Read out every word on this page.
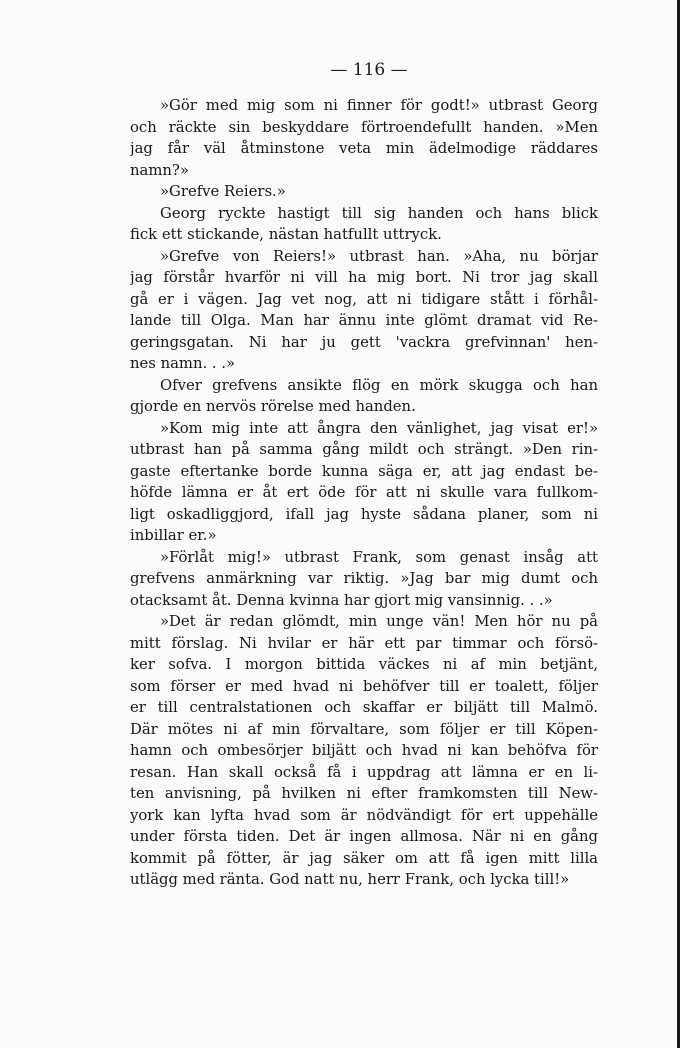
— 116 —
»Gör med mig som ni finner för godt!» utbrast Georg
och räckte sin beskyddare förtroendefullt handen. »Men
jag får väl åtminstone veta min ädelmodige räddares
namn?»
»Grefve Reiers.»
Georg ryckte hastigt till sig handen och hans blick
fick ett stickande, nästan hatfullt uttryck.
»Grefve von Reiers!» utbrast han. »Aha, nu börjar
jag förstår hvarför ni vill ha mig bort. Ni tror jag skall
gå er i vägen. Jag vet nog, att ni tidigare stått i förhål-
lande till Olga. Man har ännu inte glömt dramat vid Re-
geringsgatan. Ni har ju gett 'vackra grefvinnan' hen-
nes namn. . .»
Ofver grefvens ansikte flög en mörk skugga och han
gjorde en nervös rörelse med handen.
»Kom mig inte att ångra den vänlighet, jag visat er!»
utbrast han på samma gång mildt och strängt. »Den rin-
gaste eftertanke borde kunna säga er, att jag endast be-
höfde lämna er åt ert öde för att ni skulle vara fullkom-
ligt oskadliggjord, ifall jag hyste sådana planer, som ni
inbillar er.»
»Förlåt mig!» utbrast Frank, som genast insåg att
grefvens anmärkning var riktig. »Jag bar mig dumt och
otacksamt åt. Denna kvinna har gjort mig vansinnig. . .»
»Det är redan glömdt, min unge vän! Men hör nu på
mitt förslag. Ni hvilar er här ett par timmar och försö-
ker sofva. I morgon bittida väckes ni af min betjänt,
som förser er med hvad ni behöfver till er toalett, följer
er till centralstationen och skaffar er biljätt till Malmö.
Där mötes ni af min förvaltare, som följer er till Köpen-
hamn och ombesörjer biljätt och hvad ni kan behöfva för
resan. Han skall också få i uppdrag att lämna er en li-
ten anvisning, på hvilken ni efter framkomsten till New-
york kan lyfta hvad som är nödvändigt för ert uppehälle
under första tiden. Det är ingen allmosa. När ni en gång
kommit på fötter, är jag säker om att få igen mitt lilla
utlägg med ränta. God natt nu, herr Frank, och lycka till!»
